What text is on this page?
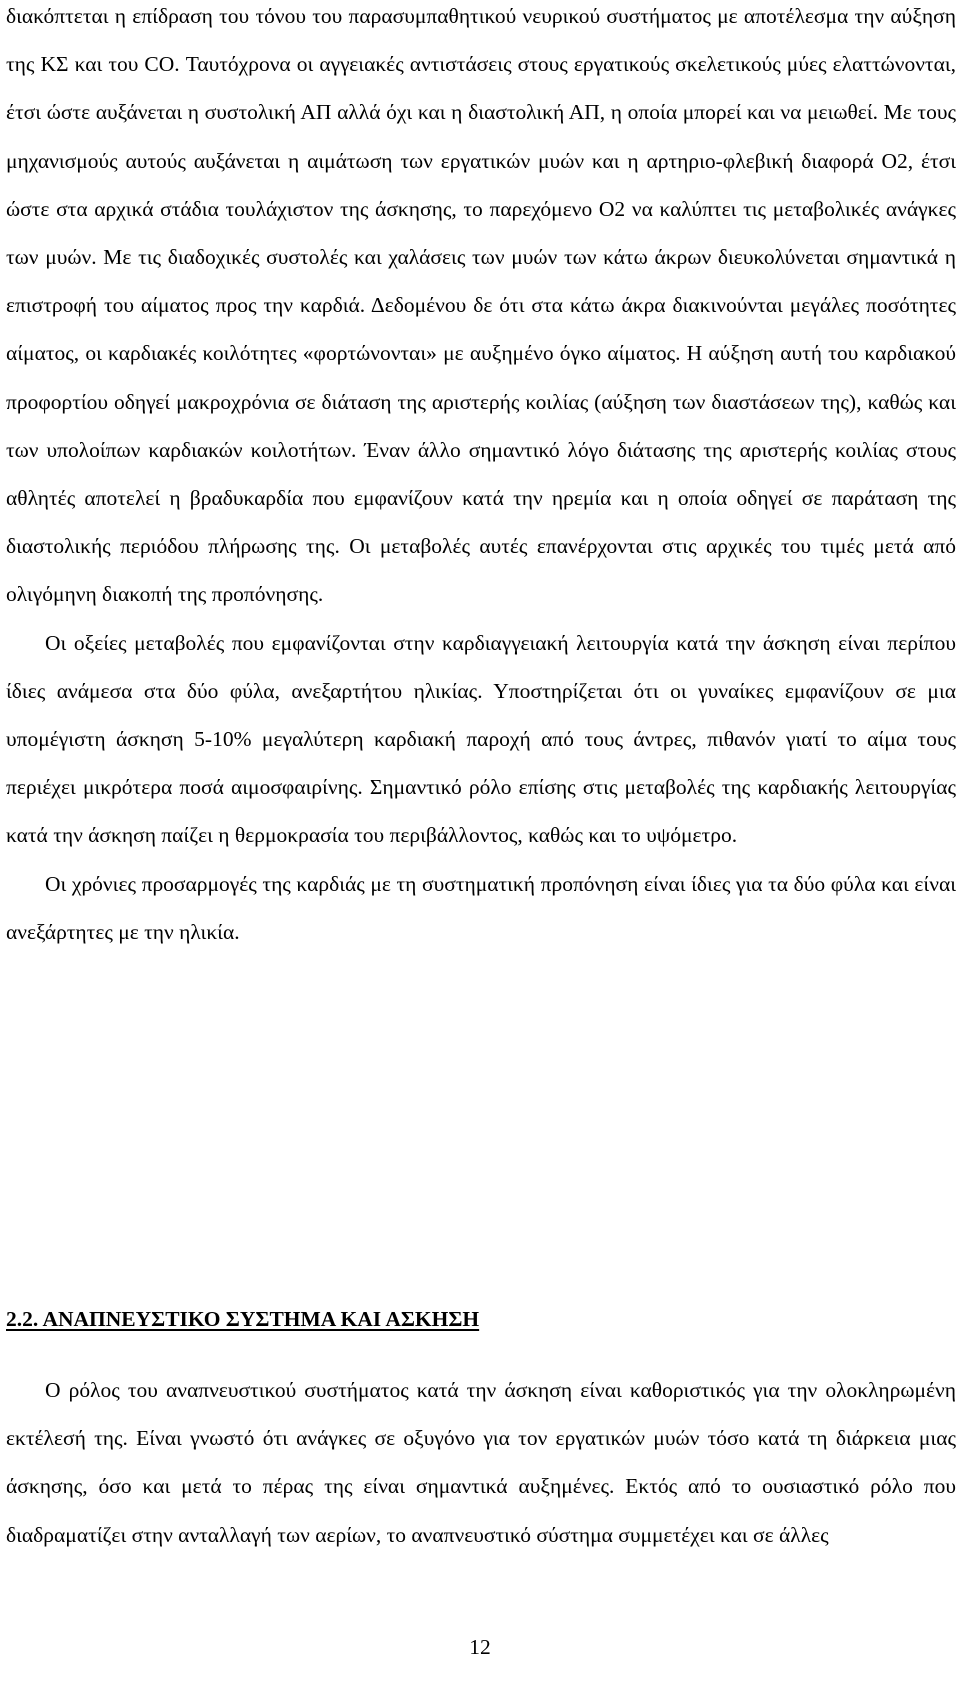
διακόπτεται η επίδραση του τόνου του παρασυμπαθητικού νευρικού συστήματος με αποτέλεσμα την αύξηση της ΚΣ και του CO. Ταυτόχρονα οι αγγειακές αντιστάσεις στους εργατικούς σκελετικούς μύες ελαττώνονται, έτσι ώστε αυξάνεται η συστολική ΑΠ αλλά όχι και η διαστολική ΑΠ, η οποία μπορεί και να μειωθεί. Με τους μηχανισμούς αυτούς αυξάνεται η αιμάτωση των εργατικών μυών και η αρτηριο-φλεβική διαφορά O2, έτσι ώστε στα αρχικά στάδια τουλάχιστον της άσκησης, το παρεχόμενο O2 να καλύπτει τις μεταβολικές ανάγκες των μυών. Με τις διαδοχικές συστολές και χαλάσεις των μυών των κάτω άκρων διευκολύνεται σημαντικά η επιστροφή του αίματος προς την καρδιά. Δεδομένου δε ότι στα κάτω άκρα διακινούνται μεγάλες ποσότητες αίματος, οι καρδιακές κοιλότητες «φορτώνονται» με αυξημένο όγκο αίματος. Η αύξηση αυτή του καρδιακού προφορτίου οδηγεί μακροχρόνια σε διάταση της αριστερής κοιλίας (αύξηση των διαστάσεων της), καθώς και των υπολοίπων καρδιακών κοιλοτήτων. Έναν άλλο σημαντικό λόγο διάτασης της αριστερής κοιλίας στους αθλητές αποτελεί η βραδυκαρδία που εμφανίζουν κατά την ηρεμία και η οποία οδηγεί σε παράταση της διαστολικής περιόδου πλήρωσης της. Οι μεταβολές αυτές επανέρχονται στις αρχικές του τιμές μετά από ολιγόμηνη διακοπή της προπόνησης.

Οι οξείες μεταβολές που εμφανίζονται στην καρδιαγγειακή λειτουργία κατά την άσκηση είναι περίπου ίδιες ανάμεσα στα δύο φύλα, ανεξαρτήτου ηλικίας. Υποστηρίζεται ότι οι γυναίκες εμφανίζουν σε μια υπομέγιστη άσκηση 5-10% μεγαλύτερη καρδιακή παροχή από τους άντρες, πιθανόν γιατί το αίμα τους περιέχει μικρότερα ποσά αιμοσφαιρίνης. Σημαντικό ρόλο επίσης στις μεταβολές της καρδιακής λειτουργίας κατά την άσκηση παίζει η θερμοκρασία του περιβάλλοντος, καθώς και το υψόμετρο.

Οι χρόνιες προσαρμογές της καρδιάς με τη συστηματική προπόνηση είναι ίδιες για τα δύο φύλα και είναι ανεξάρτητες με την ηλικία.

2.2. ΑΝΑΠΝΕΥΣΤΙΚΟ ΣΥΣΤΗΜΑ ΚΑΙ ΑΣΚΗΣΗ

Ο ρόλος του αναπνευστικού συστήματος κατά την άσκηση είναι καθοριστικός για την ολοκληρωμένη εκτέλεσή της. Είναι γνωστό ότι ανάγκες σε οξυγόνο για τον εργατικών μυών τόσο κατά τη διάρκεια μιας άσκησης, όσο και μετά το πέρας της είναι σημαντικά αυξημένες. Εκτός από το ουσιαστικό ρόλο που διαδραματίζει στην ανταλλαγή των αερίων, το αναπνευστικό σύστημα συμμετέχει και σε άλλες

12
